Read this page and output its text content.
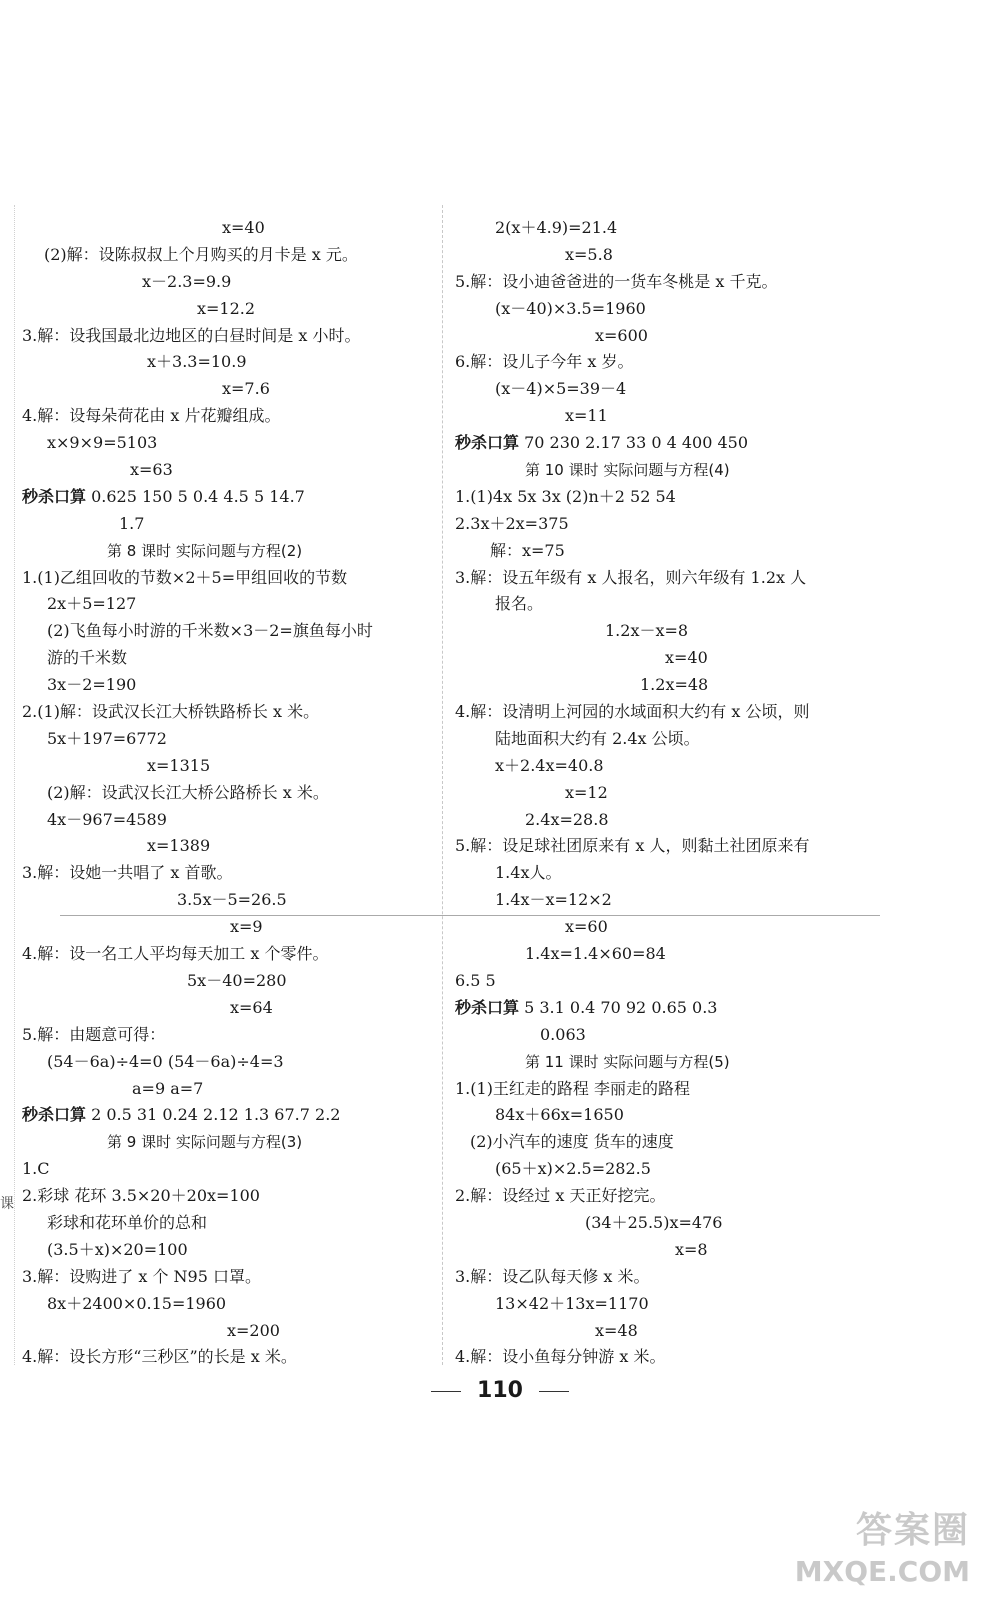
x=40
(2)解：设陈叔叔上个月购买的月卡是 x 元。
x－2.3=9.9
x=12.2
3.解：设我国最北边地区的白昼时间是 x 小时。
x＋3.3=10.9
x=7.6
4.解：设每朵荷花由 x 片花瓣组成。
x×9×9=5103
x=63
秒杀口算 0.625 150 5 0.4 4.5 5 14.7
1.7
第 8 课时 实际问题与方程(2)
1.(1)乙组回收的节数×2＋5=甲组回收的节数
2x＋5=127
(2)飞鱼每小时游的千米数×3－2=旗鱼每小时
游的千米数
3x－2=190
2.(1)解：设武汉长江大桥铁路桥长 x 米。
5x＋197=6772
x=1315
(2)解：设武汉长江大桥公路桥长 x 米。
4x－967=4589
x=1389
3.解：设她一共唱了 x 首歌。
3.5x－5=26.5
x=9
4.解：设一名工人平均每天加工 x 个零件。
5x－40=280
x=64
5.解：由题意可得：
(54－6a)÷4=0 (54－6a)÷4=3
a=9 a=7
秒杀口算 2 0.5 31 0.24 2.12 1.3 67.7 2.2
第 9 课时 实际问题与方程(3)
1.C
2.彩球 花环 3.5×20＋20x=100
彩球和花环单价的总和
(3.5＋x)×20=100
3.解：设购进了 x 个 N95 口罩。
8x＋2400×0.15=1960
x=200
4.解：设长方形“三秒区”的长是 x 米。
2(x＋4.9)=21.4
x=5.8
5.解：设小迪爸爸进的一货车冬桃是 x 千克。
(x－40)×3.5=1960
x=600
6.解：设儿子今年 x 岁。
(x－4)×5=39－4
x=11
秒杀口算 70 230 2.17 33 0 4 400 450
第 10 课时 实际问题与方程(4)
1.(1)4x 5x 3x (2)n＋2 52 54
2.3x＋2x=375
解：x=75
3.解：设五年级有 x 人报名，则六年级有 1.2x 人
报名。
1.2x－x=8
x=40
1.2x=48
4.解：设清明上河园的水域面积大约有 x 公顷，则
陆地面积大约有 2.4x 公顷。
x＋2.4x=40.8
x=12
2.4x=28.8
5.解：设足球社团原来有 x 人，则黏土社团原来有
1.4x人。
1.4x－x=12×2
x=60
1.4x=1.4×60=84
6.5 5
秒杀口算 5 3.1 0.4 70 92 0.65 0.3
0.063
第 11 课时 实际问题与方程(5)
1.(1)王红走的路程 李丽走的路程
84x＋66x=1650
(2)小汽车的速度 货车的速度
(65＋x)×2.5=282.5
2.解：设经过 x 天正好挖完。
(34＋25.5)x=476
x=8
3.解：设乙队每天修 x 米。
13×42＋13x=1170
x=48
4.解：设小鱼每分钟游 x 米。
课
110
答案圈
MXQE.COM
